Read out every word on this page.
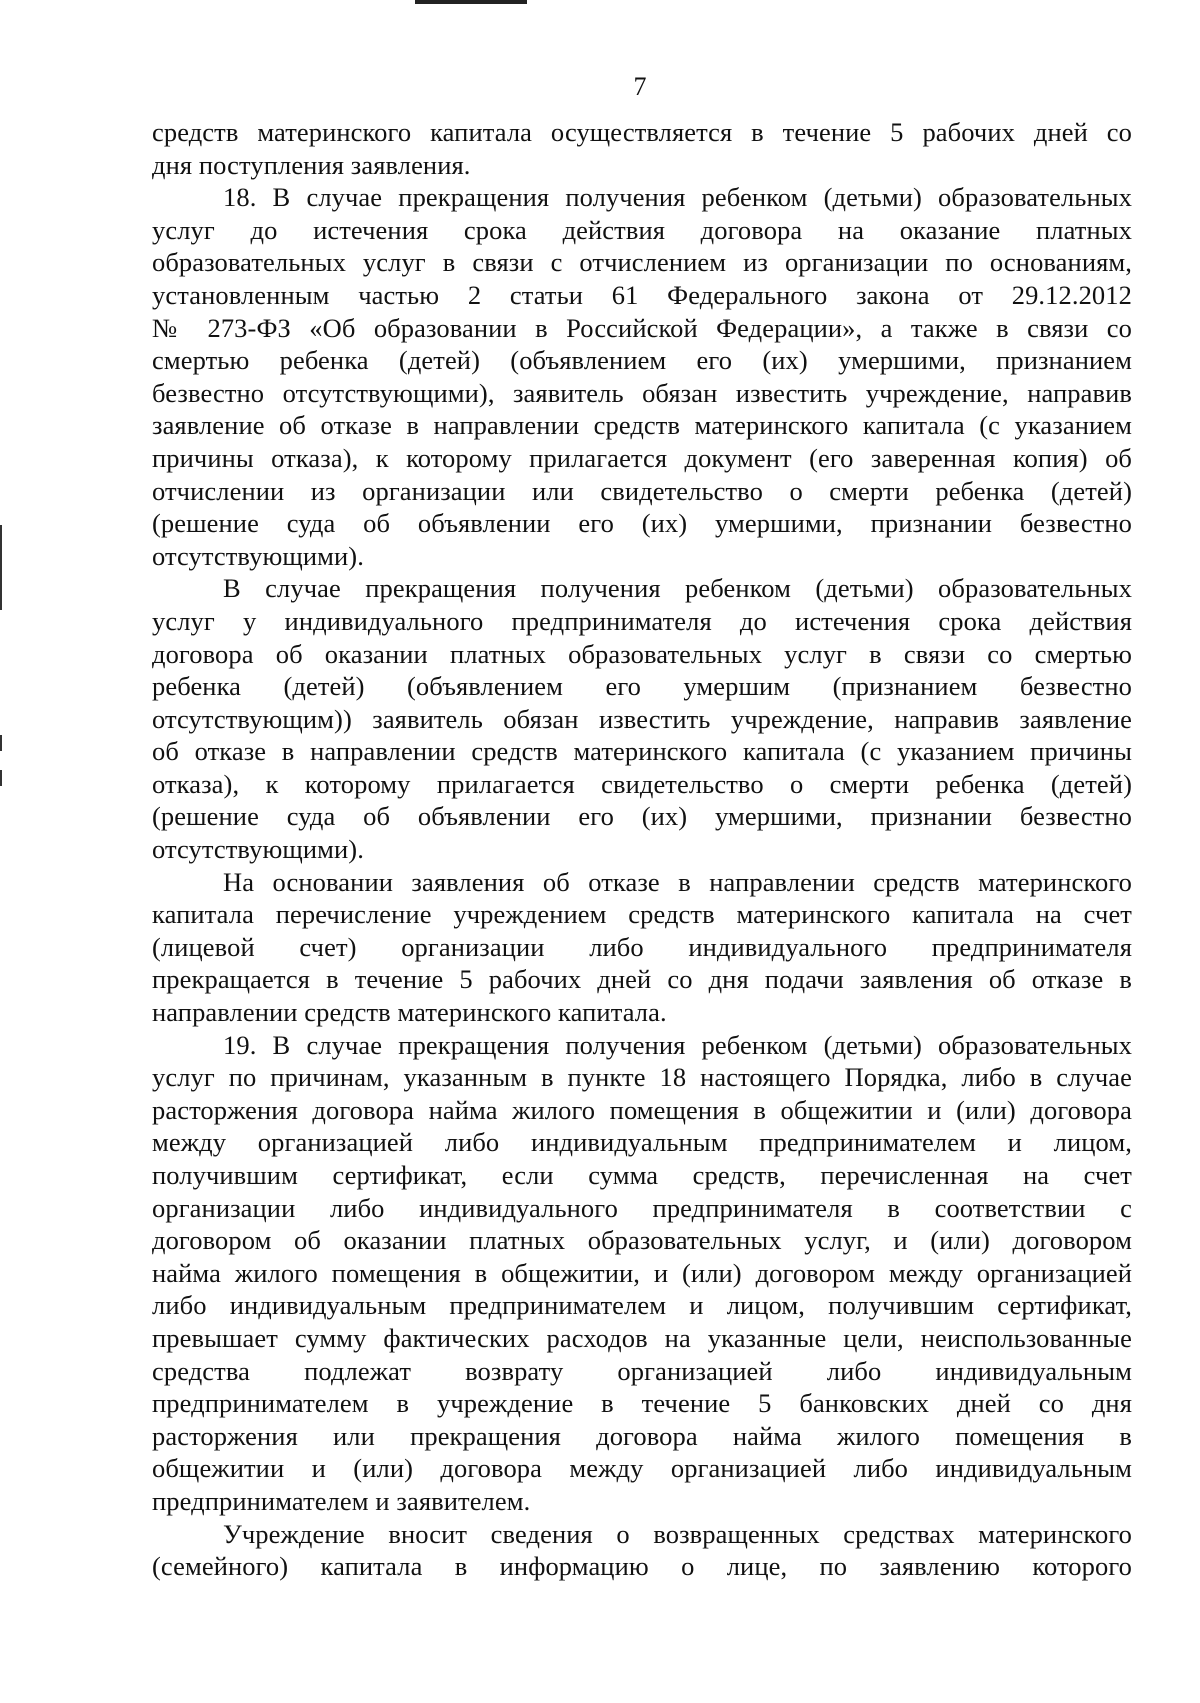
7
средств материнского капитала осуществляется в течение 5 рабочих дней со
дня поступления заявления.
18. В случае прекращения получения ребенком (детьми) образовательных
услуг до истечения срока действия договора на оказание платных
образовательных услуг в связи с отчислением из организации по основаниям,
установленным частью 2 статьи 61 Федерального закона от 29.12.2012
№ 273-ФЗ «Об образовании в Российской Федерации», а также в связи со
смертью ребенка (детей) (объявлением его (их) умершими, признанием
безвестно отсутствующими), заявитель обязан известить учреждение, направив
заявление об отказе в направлении средств материнского капитала (с указанием
причины отказа), к которому прилагается документ (его заверенная копия) об
отчислении из организации или свидетельство о смерти ребенка (детей)
(решение суда об объявлении его (их) умершими, признании безвестно
отсутствующими).
В случае прекращения получения ребенком (детьми) образовательных
услуг у индивидуального предпринимателя до истечения срока действия
договора об оказании платных образовательных услуг в связи со смертью
ребенка (детей) (объявлением его умершим (признанием безвестно
отсутствующим)) заявитель обязан известить учреждение, направив заявление
об отказе в направлении средств материнского капитала (с указанием причины
отказа), к которому прилагается свидетельство о смерти ребенка (детей)
(решение суда об объявлении его (их) умершими, признании безвестно
отсутствующими).
На основании заявления об отказе в направлении средств материнского
капитала перечисление учреждением средств материнского капитала на счет
(лицевой счет) организации либо индивидуального предпринимателя
прекращается в течение 5 рабочих дней со дня подачи заявления об отказе в
направлении средств материнского капитала.
19. В случае прекращения получения ребенком (детьми) образовательных
услуг по причинам, указанным в пункте 18 настоящего Порядка, либо в случае
расторжения договора найма жилого помещения в общежитии и (или) договора
между организацией либо индивидуальным предпринимателем и лицом,
получившим сертификат, если сумма средств, перечисленная на счет
организации либо индивидуального предпринимателя в соответствии с
договором об оказании платных образовательных услуг, и (или) договором
найма жилого помещения в общежитии, и (или) договором между организацией
либо индивидуальным предпринимателем и лицом, получившим сертификат,
превышает сумму фактических расходов на указанные цели, неиспользованные
средства подлежат возврату организацией либо индивидуальным
предпринимателем в учреждение в течение 5 банковских дней со дня
расторжения или прекращения договора найма жилого помещения в
общежитии и (или) договора между организацией либо индивидуальным
предпринимателем и заявителем.
Учреждение вносит сведения о возвращенных средствах материнского
(семейного) капитала в информацию о лице, по заявлению которого
